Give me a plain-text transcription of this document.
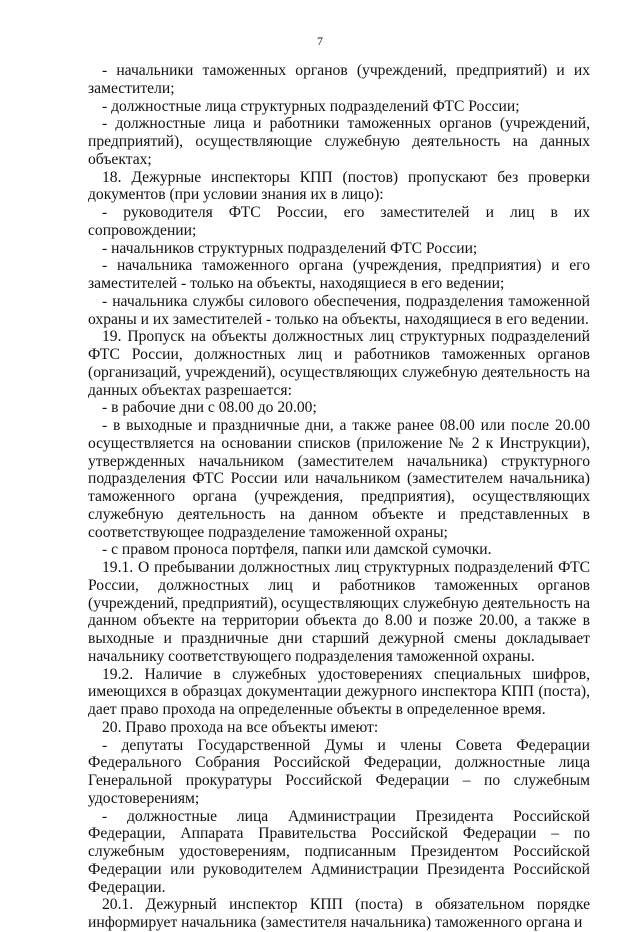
7

- начальники таможенных органов (учреждений, предприятий) и их заместители;

- должностные лица структурных подразделений ФТС России;

- должностные лица и работники таможенных органов (учреждений, предприятий), осуществляющие служебную деятельность на данных объектах;

18. Дежурные инспекторы КПП (постов) пропускают без проверки документов (при условии знания их в лицо):

- руководителя ФТС России, его заместителей и лиц в их сопровождении;

- начальников структурных подразделений ФТС России;

- начальника таможенного органа (учреждения, предприятия) и его заместителей - только на объекты, находящиеся в его ведении;

- начальника службы силового обеспечения, подразделения таможенной охраны и их заместителей - только на объекты, находящиеся в его ведении.

19. Пропуск на объекты должностных лиц структурных подразделений ФТС России, должностных лиц и работников таможенных органов (организаций, учреждений), осуществляющих служебную деятельность на данных объектах разрешается:

- в рабочие дни с 08.00 до 20.00;

- в выходные и праздничные дни, а также ранее 08.00 или после 20.00 осуществляется на основании списков (приложение № 2 к Инструкции), утвержденных начальником (заместителем начальника) структурного подразделения ФТС России или начальником (заместителем начальника) таможенного органа (учреждения, предприятия), осуществляющих служебную деятельность на данном объекте и представленных в соответствующее подразделение таможенной охраны;

- с правом проноса портфеля, папки или дамской сумочки.

19.1. О пребывании должностных лиц структурных подразделений ФТС России, должностных лиц и работников таможенных органов (учреждений, предприятий), осуществляющих служебную деятельность на данном объекте на территории объекта до 8.00 и позже 20.00, а также в выходные и праздничные дни старший дежурной смены докладывает начальнику соответствующего подразделения таможенной охраны.

19.2. Наличие в служебных удостоверениях специальных шифров, имеющихся в образцах документации дежурного инспектора КПП (поста), дает право прохода на определенные объекты в определенное время.

20. Право прохода на все объекты имеют:

- депутаты Государственной Думы и члены Совета Федерации Федерального Собрания Российской Федерации, должностные лица Генеральной прокуратуры Российской Федерации – по служебным удостоверениям;

- должностные лица Администрации Президента Российской Федерации, Аппарата Правительства Российской Федерации – по служебным удостоверениям, подписанным Президентом Российской Федерации или руководителем Администрации Президента Российской Федерации.

20.1. Дежурный инспектор КПП (поста) в обязательном порядке информирует начальника (заместителя начальника) таможенного органа и
